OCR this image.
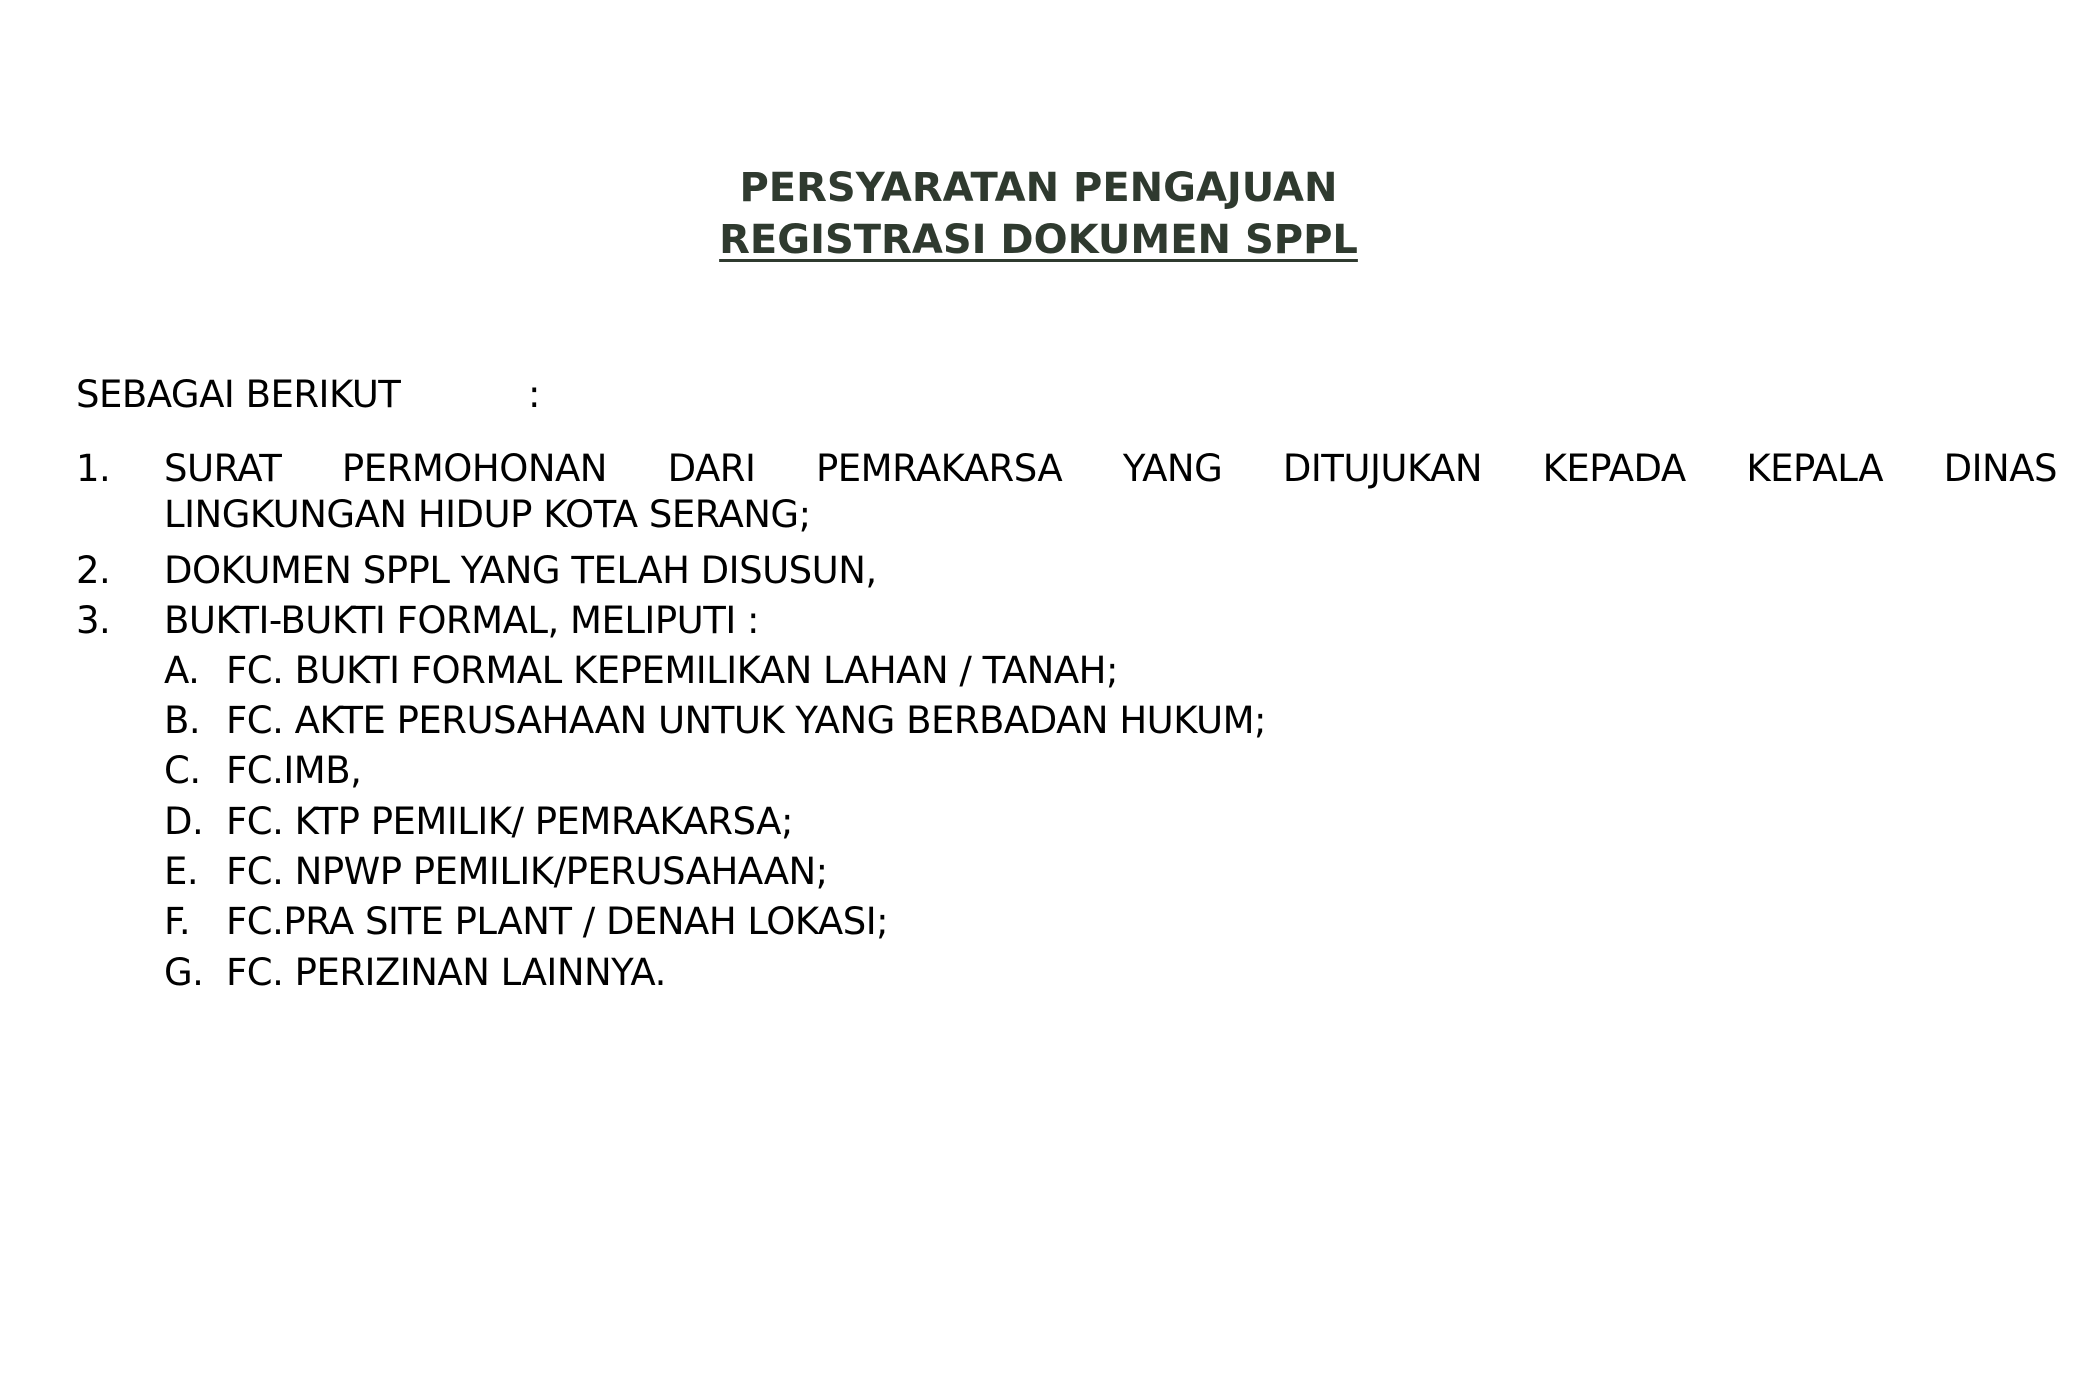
PERSYARATAN PENGAJUAN
REGISTRASI DOKUMEN SPPL
SEBAGAI BERIKUT	:
1. SURAT PERMOHONAN DARI PEMRAKARSA YANG DITUJUKAN KEPADA KEPALA DINAS
LINGKUNGAN HIDUP KOTA SERANG;
2. DOKUMEN SPPL YANG TELAH DISUSUN,
3. BUKTI-BUKTI FORMAL, MELIPUTI :
A. FC. BUKTI FORMAL KEPEMILIKAN LAHAN / TANAH;
B. FC. AKTE PERUSAHAAN UNTUK YANG BERBADAN HUKUM;
C. FC.IMB,
D. FC. KTP PEMILIK/ PEMRAKARSA;
E. FC. NPWP PEMILIK/PERUSAHAAN;
F. FC.PRA SITE PLANT / DENAH LOKASI;
G. FC. PERIZINAN LAINNYA.
